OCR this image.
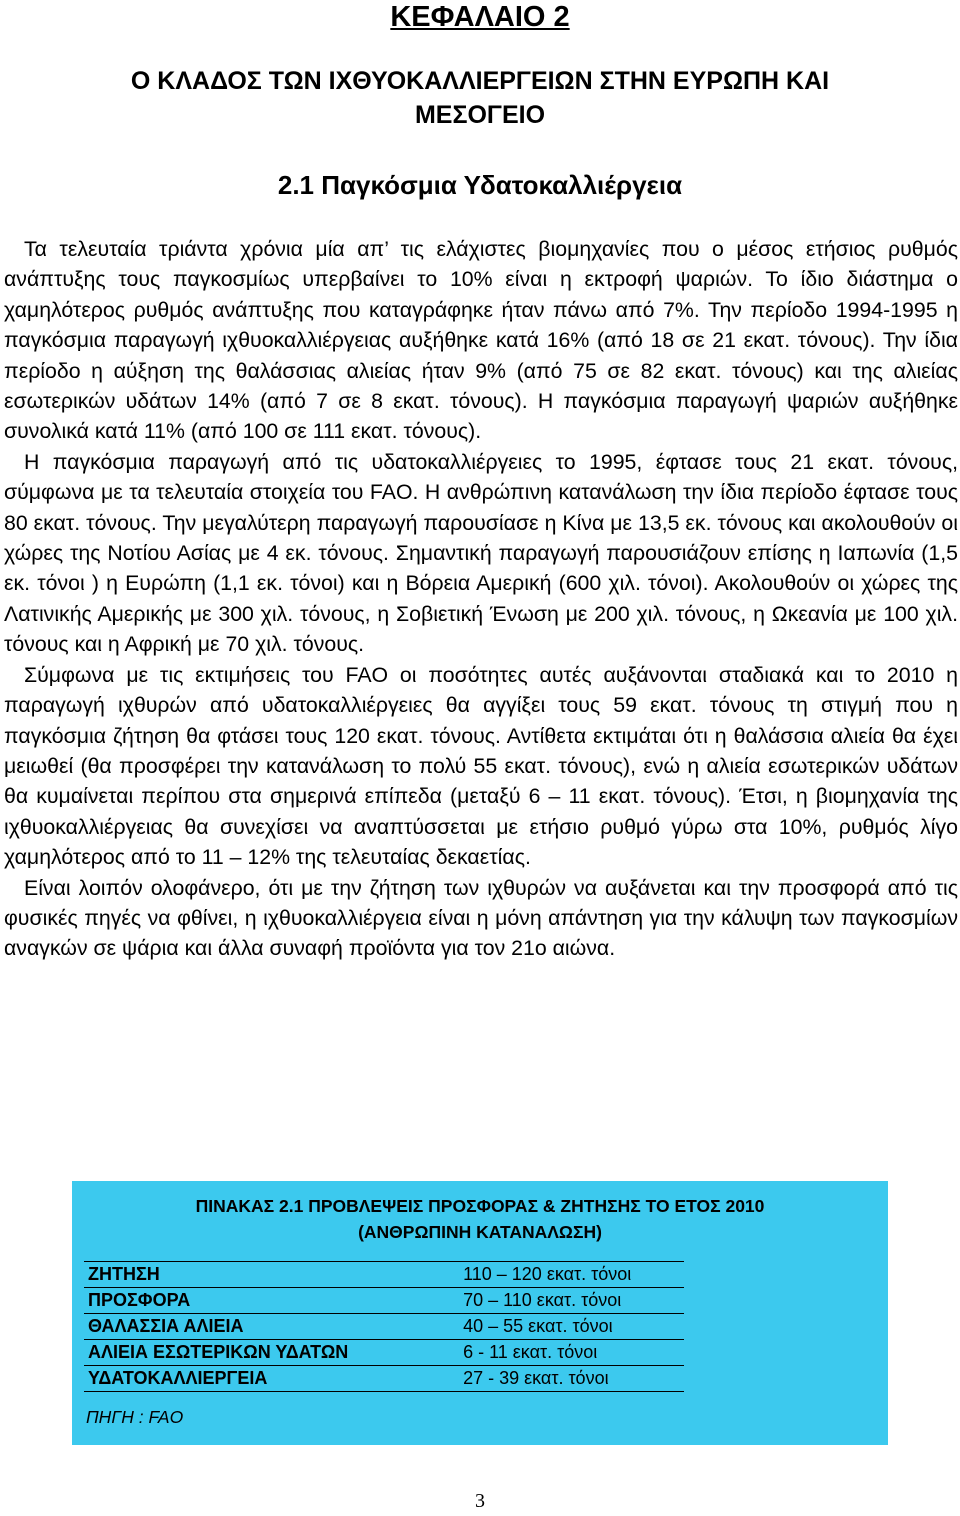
ΚΕΦΑΛΑΙΟ 2
Ο ΚΛΑΔΟΣ ΤΩΝ ΙΧΘΥΟΚΑΛΛΙΕΡΓΕΙΩΝ ΣΤΗΝ ΕΥΡΩΠΗ ΚΑΙ
ΜΕΣΟΓΕΙΟ
2.1 Παγκόσμια Υδατοκαλλιέργεια

Τα τελευταία τριάντα χρόνια μία απ’ τις ελάχιστες βιομηχανίες που ο μέσος ετήσιος ρυθμός ανάπτυξης τους παγκοσμίως υπερβαίνει το 10% είναι η εκτροφή ψαριών. Το ίδιο διάστημα ο χαμηλότερος ρυθμός ανάπτυξης που καταγράφηκε ήταν πάνω από 7%. Την περίοδο 1994-1995 η παγκόσμια παραγωγή ιχθυοκαλλιέργειας αυξήθηκε κατά 16% (από 18 σε 21 εκατ. τόνους). Την ίδια περίοδο η αύξηση της θαλάσσιας αλιείας ήταν 9% (από 75 σε 82 εκατ. τόνους) και της αλιείας εσωτερικών υδάτων 14% (από 7 σε 8 εκατ. τόνους). Η παγκόσμια παραγωγή ψαριών αυξήθηκε συνολικά κατά 11% (από 100 σε 111 εκατ. τόνους).

Η παγκόσμια παραγωγή από τις υδατοκαλλιέργειες το 1995, έφτασε τους 21 εκατ. τόνους, σύμφωνα με τα τελευταία στοιχεία του FAO. Η ανθρώπινη κατανάλωση την ίδια περίοδο έφτασε τους 80 εκατ. τόνους. Την μεγαλύτερη παραγωγή παρουσίασε η Κίνα με 13,5 εκ. τόνους και ακολουθούν οι χώρες της Νοτίου Ασίας με 4 εκ. τόνους. Σημαντική παραγωγή παρουσιάζουν επίσης η Ιαπωνία (1,5 εκ. τόνοι ) η Ευρώπη (1,1 εκ. τόνοι) και η Βόρεια Αμερική (600 χιλ. τόνοι). Ακολουθούν οι χώρες της Λατινικής Αμερικής με 300 χιλ. τόνους, η Σοβιετική Ένωση με 200 χιλ. τόνους, η Ωκεανία με 100 χιλ. τόνους και η Αφρική με 70 χιλ. τόνους.

Σύμφωνα με τις εκτιμήσεις του FAO οι ποσότητες αυτές αυξάνονται σταδιακά και το 2010 η παραγωγή ιχθυρών από υδατοκαλλιέργειες θα αγγίξει τους 59 εκατ. τόνους τη στιγμή που η παγκόσμια ζήτηση θα φτάσει τους 120 εκατ. τόνους. Αντίθετα εκτιμάται ότι η θαλάσσια αλιεία θα έχει μειωθεί (θα προσφέρει την κατανάλωση το πολύ 55 εκατ. τόνους), ενώ η αλιεία εσωτερικών υδάτων θα κυμαίνεται περίπου στα σημερινά επίπεδα (μεταξύ 6 – 11 εκατ. τόνους). Έτσι, η βιομηχανία της ιχθυοκαλλιέργειας θα συνεχίσει να αναπτύσσεται με ετήσιο ρυθμό γύρω στα 10%, ρυθμός λίγο χαμηλότερος από το 11 – 12% της τελευταίας δεκαετίας.

Είναι λοιπόν ολοφάνερο, ότι με την ζήτηση των ιχθυρών να αυξάνεται και την προσφορά από τις φυσικές πηγές να φθίνει, η ιχθυοκαλλιέργεια είναι η μόνη απάντηση για την κάλυψη των παγκοσμίων αναγκών σε ψάρια και άλλα συναφή προϊόντα για τον 21ο αιώνα.

ΠΙΝΑΚΑΣ 2.1 ΠΡΟΒΛΕΨΕΙΣ ΠΡΟΣΦΟΡΑΣ & ΖΗΤΗΣΗΣ ΤΟ ΕΤΟΣ 2010
(ΑΝΘΡΩΠΙΝΗ ΚΑΤΑΝΑΛΩΣΗ)

ΖΗΤΗΣΗ	110 – 120 εκατ. τόνοι
ΠΡΟΣΦΟΡΑ	70 – 110 εκατ. τόνοι
ΘΑΛΑΣΣΙΑ ΑΛΙΕΙΑ	40 – 55 εκατ. τόνοι
ΑΛΙΕΙΑ ΕΣΩΤΕΡΙΚΩΝ ΥΔΑΤΩΝ	6 - 11 εκατ. τόνοι
ΥΔΑΤΟΚΑΛΛΙΕΡΓΕΙΑ	27 - 39 εκατ. τόνοι
ΠΗΓΗ : FAO
3
